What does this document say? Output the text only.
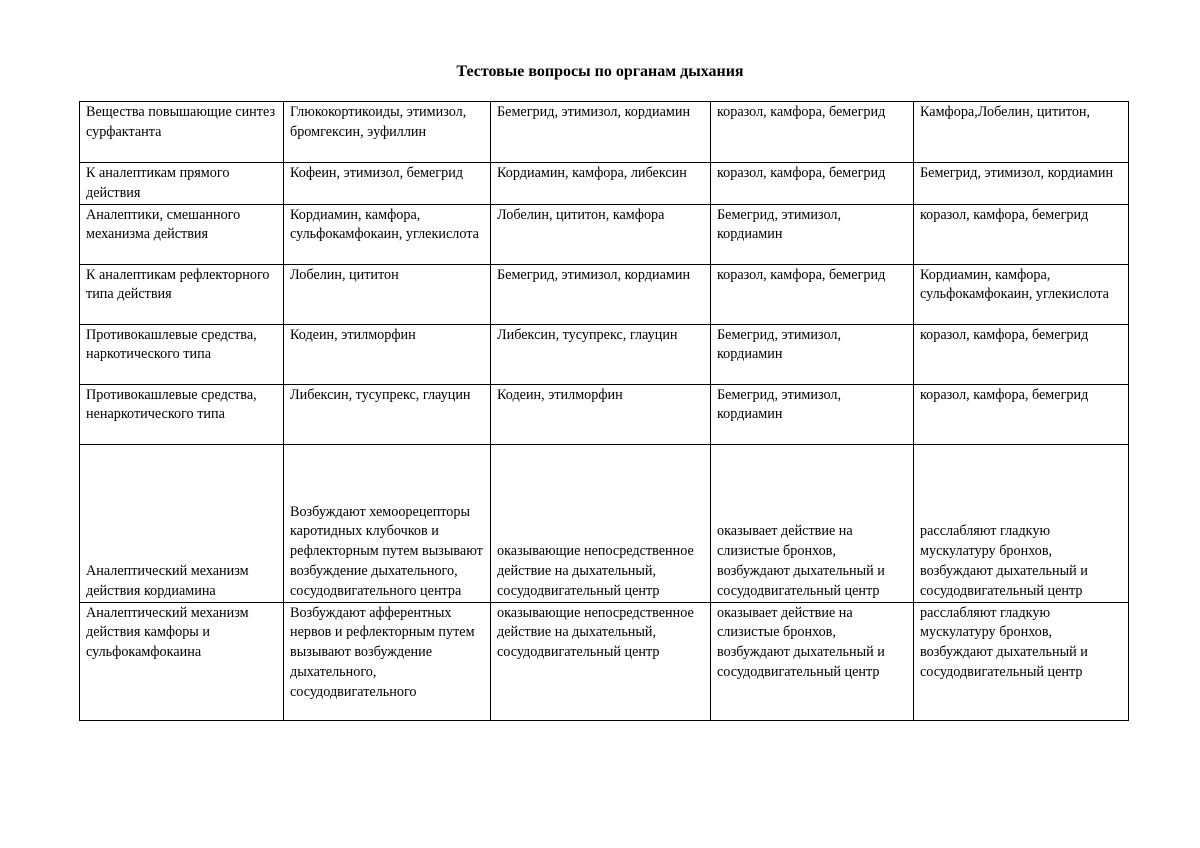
Тестовые вопросы по органам дыхания
Вещества повышающие синтез сурфактанта	Глюкокортикоиды, этимизол, бромгексин, эуфиллин	Бемегрид, этимизол, кордиамин	коразол, камфора, бемегрид	Камфора,Лобелин, цититон,
К аналептикам прямого действия	Кофеин, этимизол, бемегрид	Кордиамин, камфора, либексин	коразол, камфора, бемегрид	Бемегрид, этимизол, кордиамин
Аналептики, смешанного механизма действия	Кордиамин, камфора, сульфокамфокаин, углекислота	Лобелин, цититон, камфора	Бемегрид, этимизол, кордиамин	коразол, камфора, бемегрид
К аналептикам рефлекторного типа действия	Лобелин, цититон	Бемегрид, этимизол, кордиамин	коразол, камфора, бемегрид	Кордиамин, камфора, сульфокамфокаин, углекислота
Противокашлевые средства, наркотического типа	Кодеин, этилморфин	Либексин, тусупрекс, глауцин	Бемегрид, этимизол, кордиамин	коразол, камфора, бемегрид
Противокашлевые средства, ненаркотического типа	Либексин, тусупрекс, глауцин	Кодеин, этилморфин	Бемегрид, этимизол, кордиамин	коразол, камфора, бемегрид
Аналептический механизм действия кордиамина	Возбуждают хемоорецепторы каротидных клубочков и рефлекторным путем вызывают возбуждение дыхательного, сосудодвигательного центра	оказывающие непосредственное действие на дыхательный, сосудодвигательный центр	оказывает действие на слизистые бронхов, возбуждают дыхательный и сосудодвигательный центр	расслабляют гладкую мускулатуру бронхов, возбуждают дыхательный и сосудодвигательный центр
Аналептический механизм действия камфоры и сульфокамфокаина	Возбуждают афферентных нервов и рефлекторным путем вызывают возбуждение дыхательного, сосудодвигательного	оказывающие непосредственное действие на дыхательный, сосудодвигательный центр	оказывает действие на слизистые бронхов, возбуждают дыхательный и сосудодвигательный центр	расслабляют гладкую мускулатуру бронхов, возбуждают дыхательный и сосудодвигательный центр
